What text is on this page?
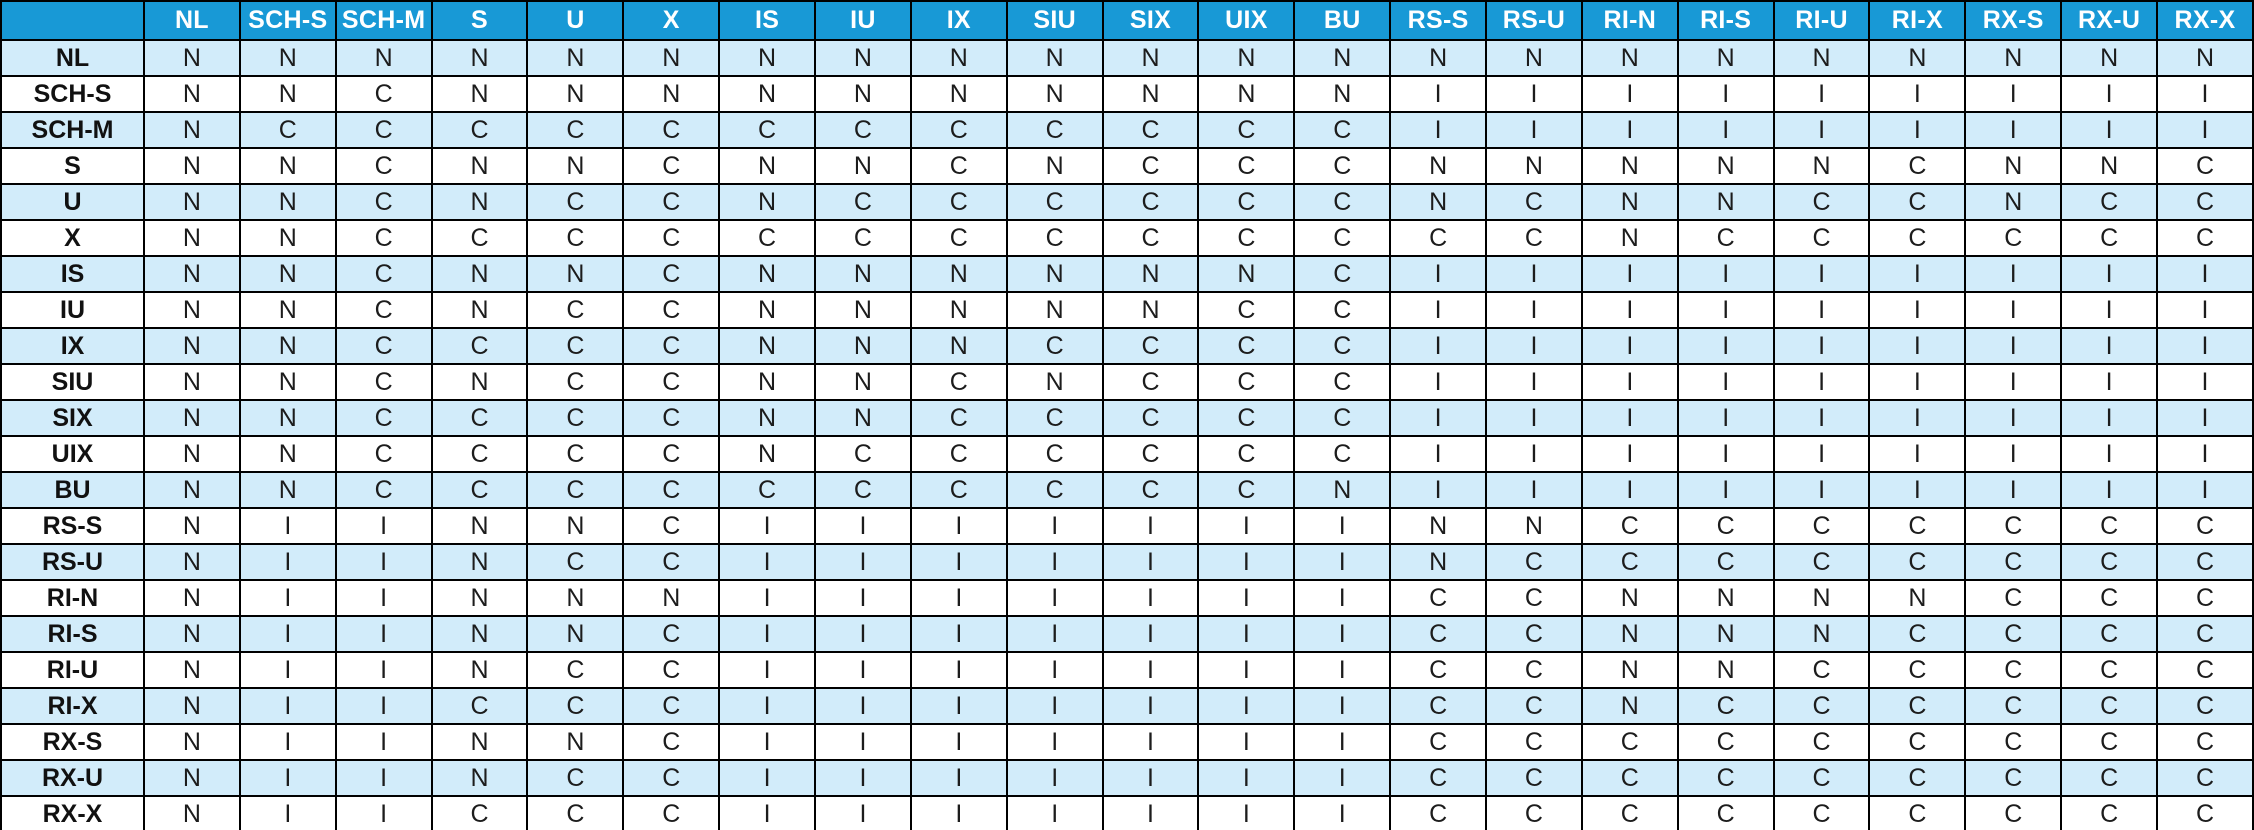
	NL	SCH-S	SCH-M	S	U	X	IS	IU	IX	SIU	SIX	UIX	BU	RS-S	RS-U	RI-N	RI-S	RI-U	RI-X	RX-S	RX-U	RX-X
NL	N	N	N	N	N	N	N	N	N	N	N	N	N	N	N	N	N	N	N	N	N	N
SCH-S	N	N	C	N	N	N	N	N	N	N	N	N	N	I	I	I	I	I	I	I	I	I
SCH-M	N	C	C	C	C	C	C	C	C	C	C	C	C	I	I	I	I	I	I	I	I	I
S	N	N	C	N	N	C	N	N	C	N	C	C	C	N	N	N	N	N	C	N	N	C
U	N	N	C	N	C	C	N	C	C	C	C	C	C	N	C	N	N	C	C	N	C	C
X	N	N	C	C	C	C	C	C	C	C	C	C	C	C	C	N	C	C	C	C	C	C
IS	N	N	C	N	N	C	N	N	N	N	N	N	C	I	I	I	I	I	I	I	I	I
IU	N	N	C	N	C	C	N	N	N	N	N	C	C	I	I	I	I	I	I	I	I	I
IX	N	N	C	C	C	C	N	N	N	C	C	C	C	I	I	I	I	I	I	I	I	I
SIU	N	N	C	N	C	C	N	N	C	N	C	C	C	I	I	I	I	I	I	I	I	I
SIX	N	N	C	C	C	C	N	N	C	C	C	C	C	I	I	I	I	I	I	I	I	I
UIX	N	N	C	C	C	C	N	C	C	C	C	C	C	I	I	I	I	I	I	I	I	I
BU	N	N	C	C	C	C	C	C	C	C	C	C	N	I	I	I	I	I	I	I	I	I
RS-S	N	I	I	N	N	C	I	I	I	I	I	I	I	N	N	C	C	C	C	C	C	C
RS-U	N	I	I	N	C	C	I	I	I	I	I	I	I	N	C	C	C	C	C	C	C	C
RI-N	N	I	I	N	N	N	I	I	I	I	I	I	I	C	C	N	N	N	N	C	C	C
RI-S	N	I	I	N	N	C	I	I	I	I	I	I	I	C	C	N	N	N	C	C	C	C
RI-U	N	I	I	N	C	C	I	I	I	I	I	I	I	C	C	N	N	C	C	C	C	C
RI-X	N	I	I	C	C	C	I	I	I	I	I	I	I	C	C	N	C	C	C	C	C	C
RX-S	N	I	I	N	N	C	I	I	I	I	I	I	I	C	C	C	C	C	C	C	C	C
RX-U	N	I	I	N	C	C	I	I	I	I	I	I	I	C	C	C	C	C	C	C	C	C
RX-X	N	I	I	C	C	C	I	I	I	I	I	I	I	C	C	C	C	C	C	C	C	C
